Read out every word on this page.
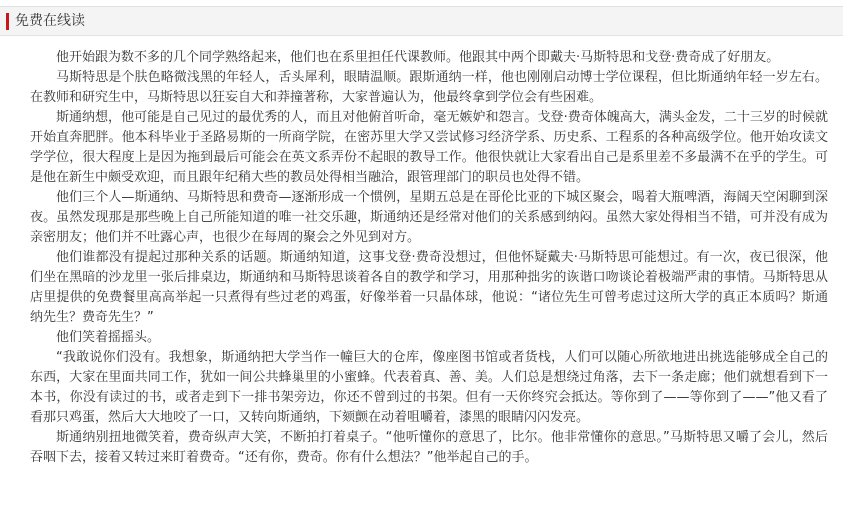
免费在线读

他开始跟为数不多的几个同学熟络起来，他们也在系里担任代课教师。他跟其中两个即戴夫·马斯特思和戈登·费奇成了好朋友。

马斯特思是个肤色略微浅黑的年轻人，舌头犀利，眼睛温顺。跟斯通纳一样，他也刚刚启动博士学位课程，但比斯通纳年轻一岁左右。在教师和研究生中，马斯特思以狂妄自大和莽撞著称，大家普遍认为，他最终拿到学位会有些困难。

斯通纳想，他可能是自己见过的最优秀的人，而且对他俯首听命，毫无嫉妒和怨言。戈登·费奇体魄高大，满头金发，二十三岁的时候就开始直奔肥胖。他本科毕业于圣路易斯的一所商学院，在密苏里大学又尝试修习经济学系、历史系、工程系的各种高级学位。他开始攻读文学学位，很大程度上是因为拖到最后可能会在英文系弄份不起眼的教导工作。他很快就让大家看出自己是系里差不多最满不在乎的学生。可是他在新生中颇受欢迎，而且跟年纪稍大些的教员处得相当融洽，跟管理部门的职员也处得不错。

他们三个人—斯通纳、马斯特思和费奇—逐渐形成一个惯例，星期五总是在哥伦比亚的下城区聚会，喝着大瓶啤酒，海阔天空闲聊到深夜。虽然发现那是那些晚上自己所能知道的唯一社交乐趣，斯通纳还是经常对他们的关系感到纳闷。虽然大家处得相当不错，可并没有成为亲密朋友；他们并不吐露心声，也很少在每周的聚会之外见到对方。

他们谁都没有提起过那种关系的话题。斯通纳知道，这事戈登·费奇没想过，但他怀疑戴夫·马斯特思可能想过。有一次，夜已很深，他们坐在黑暗的沙龙里一张后排桌边，斯通纳和马斯特思谈着各自的教学和学习，用那种拙劣的诙谐口吻谈论着极端严肃的事情。马斯特思从店里提供的免费餐里高高举起一只煮得有些过老的鸡蛋，好像举着一只晶体球，他说：“诸位先生可曾考虑过这所大学的真正本质吗？斯通纳先生？费奇先生？”

他们笑着摇摇头。

“我敢说你们没有。我想象，斯通纳把大学当作一幢巨大的仓库，像座图书馆或者货栈，人们可以随心所欲地进出挑选能够成全自己的东西，大家在里面共同工作，犹如一间公共蜂巢里的小蜜蜂。代表着真、善、美。人们总是想绕过角落，去下一条走廊；他们就想看到下一本书，你没有读过的书，或者走到下一排书架旁边，你还不曾到过的书架。但有一天你终究会抵达。等你到了——等你到了——”他又看了看那只鸡蛋，然后大大地咬了一口，又转向斯通纳，下颏颤在动着咀嚼着，漆黑的眼睛闪闪发亮。

斯通纳别扭地微笑着，费奇纵声大笑，不断拍打着桌子。“他听懂你的意思了，比尔。他非常懂你的意思。”马斯特思又嚼了会儿，然后吞咽下去，接着又转过来盯着费奇。“还有你，费奇。你有什么想法？”他举起自己的手。
